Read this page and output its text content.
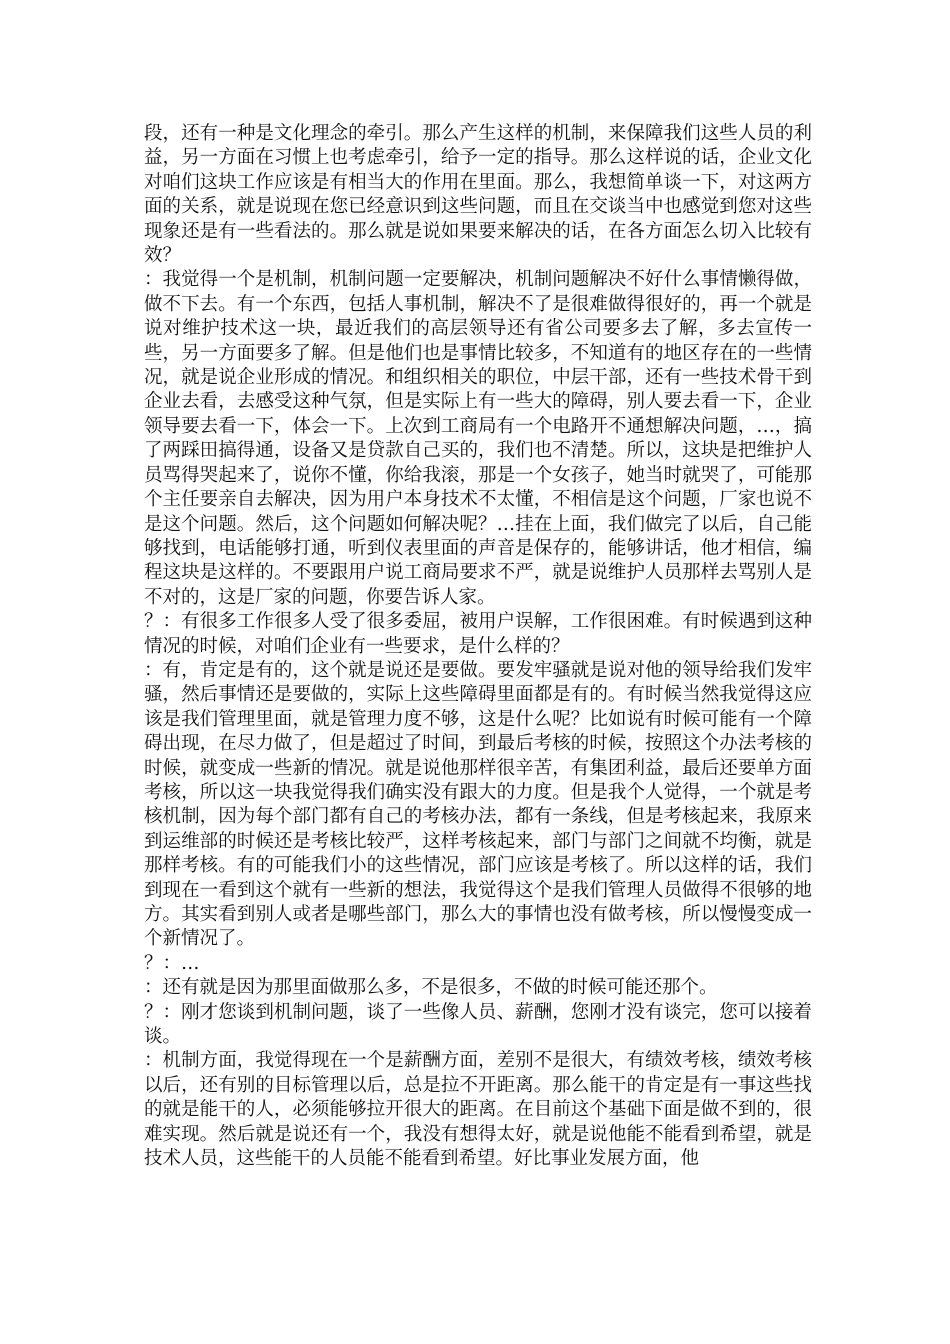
段，还有一种是文化理念的牵引。那么产生这样的机制，来保障我们这些人员的利益，另一方面在习惯上也考虑牵引，给予一定的指导。那么这样说的话，企业文化对咱们这块工作应该是有相当大的作用在里面。那么，我想简单谈一下，对这两方面的关系，就是说现在您已经意识到这些问题，而且在交谈当中也感觉到您对这些现象还是有一些看法的。那么就是说如果要来解决的话，在各方面怎么切入比较有效？

：我觉得一个是机制，机制问题一定要解决，机制问题解决不好什么事情懒得做，做不下去。有一个东西，包括人事机制，解决不了是很难做得很好的，再一个就是说对维护技术这一块，最近我们的高层领导还有省公司要多去了解，多去宣传一些，另一方面要多了解。但是他们也是事情比较多，不知道有的地区存在的一些情况，就是说企业形成的情况。和组织相关的职位，中层干部，还有一些技术骨干到企业去看，去感受这种气氛，但是实际上有一些大的障碍，别人要去看一下，企业领导要去看一下，体会一下。上次到工商局有一个电路开不通想解决问题，…，搞了两踩田搞得通，设备又是贷款自己买的，我们也不清楚。所以，这块是把维护人员骂得哭起来了，说你不懂，你给我滚，那是一个女孩子，她当时就哭了，可能那个主任要亲自去解决，因为用户本身技术不太懂，不相信是这个问题，厂家也说不是这个问题。然后，这个问题如何解决呢？…挂在上面，我们做完了以后，自己能够找到，电话能够打通，听到仪表里面的声音是保存的，能够讲话，他才相信，编程这块是这样的。不要跟用户说工商局要求不严，就是说维护人员那样去骂别人是不对的，这是厂家的问题，你要告诉人家。

？：有很多工作很多人受了很多委屈，被用户误解，工作很困难。有时候遇到这种情况的时候，对咱们企业有一些要求，是什么样的？

：有，肯定是有的，这个就是说还是要做。要发牢骚就是说对他的领导给我们发牢骚，然后事情还是要做的，实际上这些障碍里面都是有的。有时候当然我觉得这应该是我们管理里面，就是管理力度不够，这是什么呢？比如说有时候可能有一个障碍出现，在尽力做了，但是超过了时间，到最后考核的时候，按照这个办法考核的时候，就变成一些新的情况。就是说他那样很辛苦，有集团利益，最后还要单方面考核，所以这一块我觉得我们确实没有跟大的力度。但是我个人觉得，一个就是考核机制，因为每个部门都有自己的考核办法，都有一条线，但是考核起来，我原来到运维部的时候还是考核比较严，这样考核起来，部门与部门之间就不均衡，就是那样考核。有的可能我们小的这些情况，部门应该是考核了。所以这样的话，我们到现在一看到这个就有一些新的想法，我觉得这个是我们管理人员做得不很够的地方。其实看到别人或者是哪些部门，那么大的事情也没有做考核，所以慢慢变成一个新情况了。

？：…

：还有就是因为那里面做那么多，不是很多，不做的时候可能还那个。

？：刚才您谈到机制问题，谈了一些像人员、薪酬，您刚才没有谈完，您可以接着谈。

：机制方面，我觉得现在一个是薪酬方面，差别不是很大，有绩效考核，绩效考核以后，还有别的目标管理以后，总是拉不开距离。那么能干的肯定是有一事这些找的就是能干的人，必须能够拉开很大的距离。在目前这个基础下面是做不到的，很难实现。然后就是说还有一个，我没有想得太好，就是说他能不能看到希望，就是技术人员，这些能干的人员能不能看到希望。好比事业发展方面，他
